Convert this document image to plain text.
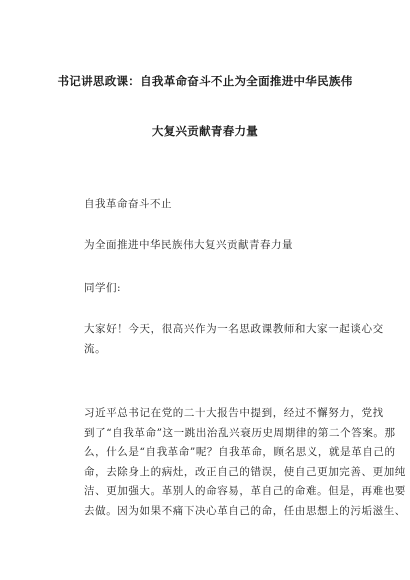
书记讲思政课：自我革命奋斗不止为全面推进中华民族伟
大复兴贡献青春力量
自我革命奋斗不止
为全面推进中华民族伟大复兴贡献青春力量
同学们:
大家好！今天，很高兴作为一名思政课教师和大家一起谈心交
流。
习近平总书记在党的二十大报告中提到，经过不懈努力，党找
到了“自我革命”这一跳出治乱兴衰历史周期律的第二个答案。那
么，什么是“自我革命”呢？自我革命，顾名思义，就是革自己的
命，去除身上的病灶，改正自己的错误，使自己更加完善、更加纯
洁、更加强大。革别人的命容易，革自己的命难。但是，再难也要
去做。因为如果不痛下决心革自己的命，任由思想上的污垢滋生、
